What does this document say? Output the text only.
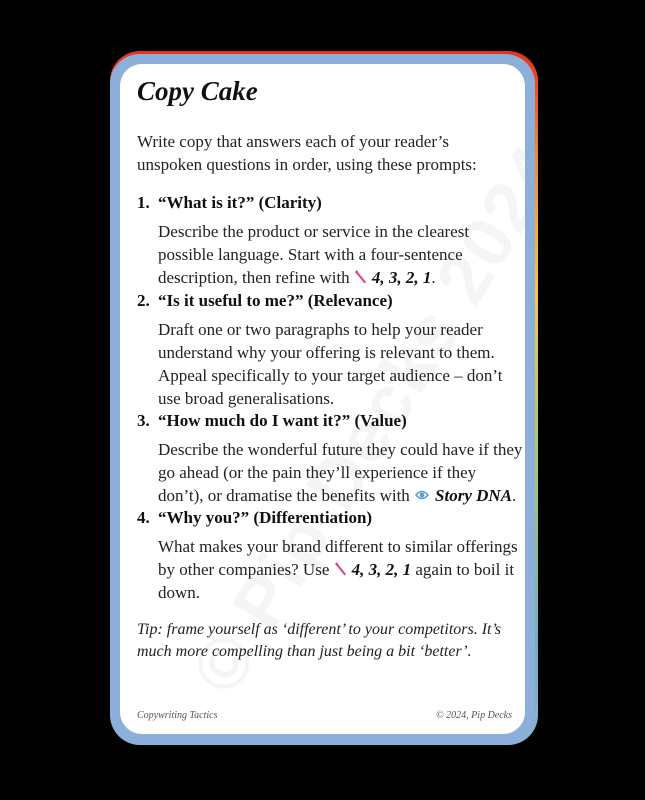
Copy Cake

Write copy that answers each of your reader’s unspoken questions in order, using these prompts:

1. “What is it?” (Clarity)
Describe the product or service in the clearest possible language. Start with a four-sentence description, then refine with 4, 3, 2, 1.
2. “Is it useful to me?” (Relevance)
Draft one or two paragraphs to help your reader understand why your offering is relevant to them. Appeal specifically to your target audience – don’t use broad generalisations.
3. “How much do I want it?” (Value)
Describe the wonderful future they could have if they go ahead (or the pain they’ll experience if they don’t), or dramatise the benefits with Story DNA.
4. “Why you?” (Differentiation)
What makes your brand different to similar offerings by other companies? Use 4, 3, 2, 1 again to boil it down.

Tip: frame yourself as ‘different’ to your competitors. It’s much more compelling than just being a bit ‘better’.

Copywriting Tactics	© 2024, Pip Decks
